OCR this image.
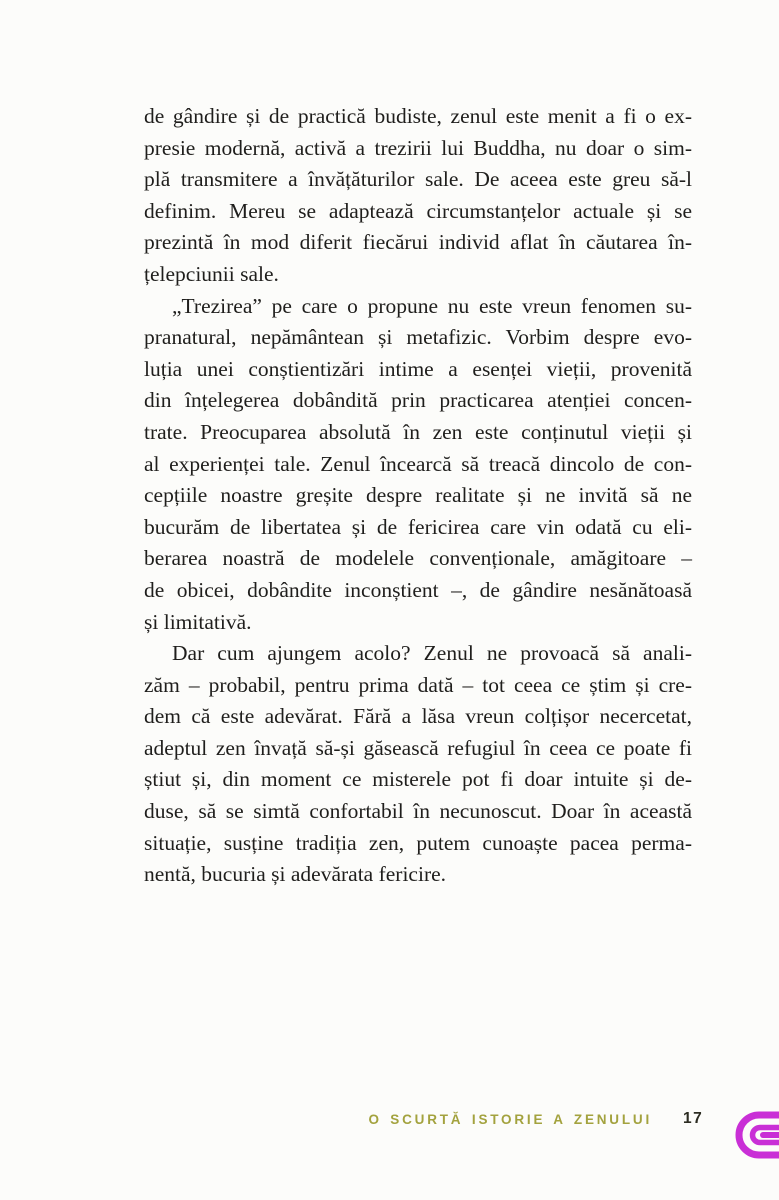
de gândire și de practică budiste, zenul este menit a fi o ex-
presie modernă, activă a trezirii lui Buddha, nu doar o sim-
plă transmitere a învățăturilor sale. De aceea este greu să-l
definim. Mereu se adaptează circumstanțelor actuale și se
prezintă în mod diferit fiecărui individ aflat în căutarea în-
țelepciunii sale.
„Trezirea” pe care o propune nu este vreun fenomen su-
pranatural, nepământean și metafizic. Vorbim despre evo-
luția unei conștientizări intime a esenței vieții, provenită
din înțelegerea dobândită prin practicarea atenției concen-
trate. Preocuparea absolută în zen este conținutul vieții și
al experienței tale. Zenul încearcă să treacă dincolo de con-
cepțiile noastre greșite despre realitate și ne invită să ne
bucurăm de libertatea și de fericirea care vin odată cu eli-
berarea noastră de modelele convenționale, amăgitoare –
de obicei, dobândite inconștient –, de gândire nesănătoasă
și limitativă.
Dar cum ajungem acolo? Zenul ne provoacă să anali-
zăm – probabil, pentru prima dată – tot ceea ce știm și cre-
dem că este adevărat. Fără a lăsa vreun colțișor necercetat,
adeptul zen învață să-și găsească refugiul în ceea ce poate fi
știut și, din moment ce misterele pot fi doar intuite și de-
duse, să se simtă confortabil în necunoscut. Doar în această
situație, susține tradiția zen, putem cunoaște pacea perma-
nentă, bucuria și adevărata fericire.
O SCURTĂ ISTORIE A ZENULUI 17
